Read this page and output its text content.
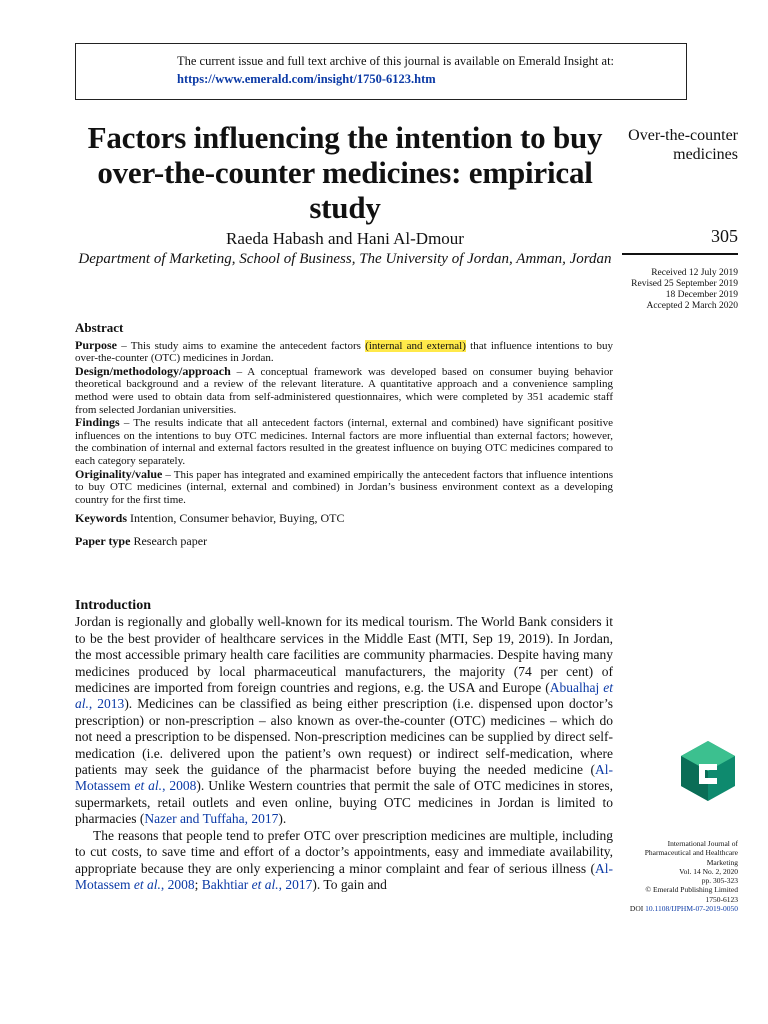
The current issue and full text archive of this journal is available on Emerald Insight at:
https://www.emerald.com/insight/1750-6123.htm
Factors influencing the intention to buy over-the-counter medicines: empirical study
Raeda Habash and Hani Al-Dmour
Department of Marketing, School of Business, The University of Jordan, Amman, Jordan
Over-the-counter medicines
305
Received 12 July 2019
Revised 25 September 2019
18 December 2019
Accepted 2 March 2020
Abstract

Purpose – This study aims to examine the antecedent factors (internal and external) that influence intentions to buy over-the-counter (OTC) medicines in Jordan.

Design/methodology/approach – A conceptual framework was developed based on consumer buying behavior theoretical background and a review of the relevant literature. A quantitative approach and a convenience sampling method were used to obtain data from self-administered questionnaires, which were completed by 351 academic staff from selected Jordanian universities.

Findings – The results indicate that all antecedent factors (internal, external and combined) have significant positive influences on the intentions to buy OTC medicines. Internal factors are more influential than external factors; however, the combination of internal and external factors resulted in the greatest influence on buying OTC medicines compared to each category separately.

Originality/value – This paper has integrated and examined empirically the antecedent factors that influence intentions to buy OTC medicines (internal, external and combined) in Jordan’s business environment context as a developing country for the first time.

Keywords Intention, Consumer behavior, Buying, OTC

Paper type Research paper

Introduction

Jordan is regionally and globally well-known for its medical tourism. The World Bank considers it to be the best provider of healthcare services in the Middle East (MTI, Sep 19, 2019). In Jordan, the most accessible primary health care facilities are community pharmacies. Despite having many medicines produced by local pharmaceutical manufacturers, the majority (74 per cent) of medicines are imported from foreign countries and regions, e.g. the USA and Europe (Abualhaj et al., 2013). Medicines can be classified as being either prescription (i.e. dispensed upon doctor’s prescription) or non-prescription – also known as over-the-counter (OTC) medicines – which do not need a prescription to be dispensed. Non-prescription medicines can be supplied by direct self-medication (i.e. delivered upon the patient’s own request) or indirect self-medication, where patients may seek the guidance of the pharmacist before buying the needed medicine (Al-Motassem et al., 2008). Unlike Western countries that permit the sale of OTC medicines in stores, supermarkets, retail outlets and even online, buying OTC medicines in Jordan is limited to pharmacies (Nazer and Tuffaha, 2017).

The reasons that people tend to prefer OTC over prescription medicines are multiple, including to cut costs, to save time and effort of a doctor’s appointments, easy and immediate availability, appropriate because they are only experiencing a minor complaint and fear of serious illness (Al-Motassem et al., 2008; Bakhtiar et al., 2017). To gain and

International Journal of
Pharmaceutical and Healthcare
Marketing
Vol. 14 No. 2, 2020
pp. 305-323
© Emerald Publishing Limited
1750-6123
DOI 10.1108/IJPHM-07-2019-0050
